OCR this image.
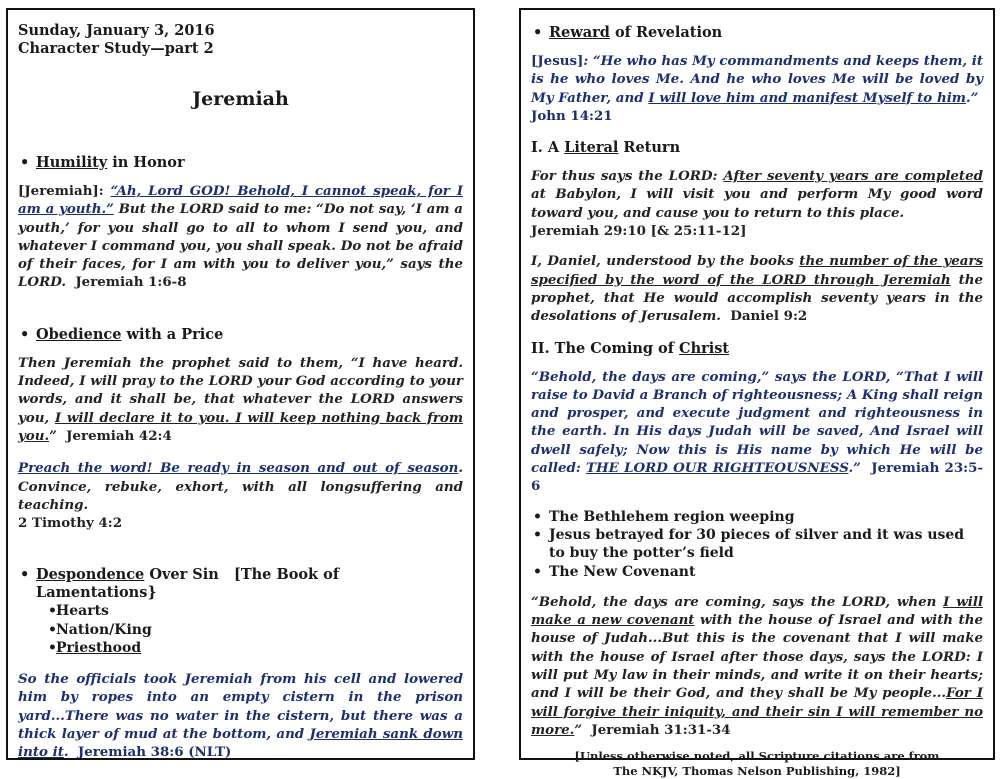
Sunday, January 3, 2016
Character Study—part 2
Jeremiah
• Humility in Honor
[Jeremiah]: “Ah, Lord GOD! Behold, I cannot speak, for I am a youth.” But the LORD said to me: “Do not say, ‘I am a youth,’ for you shall go to all to whom I send you, and whatever I command you, you shall speak. Do not be afraid of their faces, for I am with you to deliver you,” says the LORD. Jeremiah 1:6-8
• Obedience with a Price
Then Jeremiah the prophet said to them, “I have heard. Indeed, I will pray to the LORD your God according to your words, and it shall be, that whatever the LORD answers you, I will declare it to you. I will keep nothing back from you.” Jeremiah 42:4
Preach the word! Be ready in season and out of season. Convince, rebuke, exhort, with all longsuffering and teaching.
2 Timothy 4:2
• Despondence Over Sin [The Book of Lamentations}
• Hearts
• Nation/King
• Priesthood
So the officials took Jeremiah from his cell and lowered him by ropes into an empty cistern in the prison yard...There was no water in the cistern, but there was a thick layer of mud at the bottom, and Jeremiah sank down into it. Jeremiah 38:6 (NLT)
• Reward of Revelation
[Jesus]: “He who has My commandments and keeps them, it is he who loves Me. And he who loves Me will be loved by My Father, and I will love him and manifest Myself to him.”  John 14:21
I. A Literal Return
For thus says the LORD: After seventy years are completed at Babylon, I will visit you and perform My good word toward you, and cause you to return to this place.
Jeremiah 29:10 [& 25:11-12]
I, Daniel, understood by the books the number of the years specified by the word of the LORD through Jeremiah the prophet, that He would accomplish seventy years in the desolations of Jerusalem. Daniel 9:2
II. The Coming of Christ
“Behold, the days are coming,” says the LORD, “That I will raise to David a Branch of righteousness; A King shall reign and prosper, and execute judgment and righteousness in the earth. In His days Judah will be saved, And Israel will dwell safely; Now this is His name by which He will be called: THE LORD OUR RIGHTEOUSNESS.” Jeremiah 23:5-6
• The Bethlehem region weeping
• Jesus betrayed for 30 pieces of silver and it was used to buy the potter’s field
• The New Covenant
“Behold, the days are coming, says the LORD, when I will make a new covenant with the house of Israel and with the house of Judah...But this is the covenant that I will make with the house of Israel after those days, says the LORD: I will put My law in their minds, and write it on their hearts; and I will be their God, and they shall be My people...For I will forgive their iniquity, and their sin I will remember no more.” Jeremiah 31:31-34
[Unless otherwise noted, all Scripture citations are from
The NKJV, Thomas Nelson Publishing, 1982]
